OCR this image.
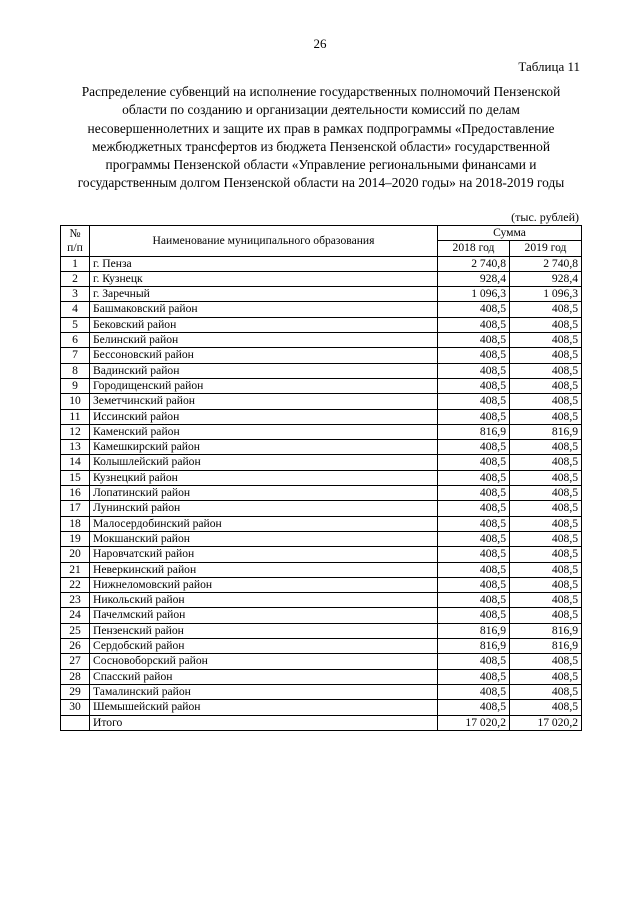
26
Таблица 11
Распределение субвенций на исполнение государственных полномочий Пензенской области по созданию и организации деятельности комиссий по делам несовершеннолетних и защите их прав в рамках подпрограммы «Предоставление межбюджетных трансфертов из бюджета Пензенской области» государственной программы Пензенской области «Управление региональными финансами и государственным долгом Пензенской области на 2014–2020 годы» на 2018-2019 годы
(тыс. рублей)
№
п/п	Наименование муниципального образования	Сумма	
		2018 год	2019 год
1	г. Пенза	2 740,8	2 740,8
2	г. Кузнецк	928,4	928,4
3	г. Заречный	1 096,3	1 096,3
4	Башмаковский район	408,5	408,5
5	Бековский район	408,5	408,5
6	Белинский район	408,5	408,5
7	Бессоновский район	408,5	408,5
8	Вадинский район	408,5	408,5
9	Городищенский район	408,5	408,5
10	Земетчинский район	408,5	408,5
11	Иссинский район	408,5	408,5
12	Каменский район	816,9	816,9
13	Камешкирский район	408,5	408,5
14	Колышлейский район	408,5	408,5
15	Кузнецкий район	408,5	408,5
16	Лопатинский район	408,5	408,5
17	Лунинский район	408,5	408,5
18	Малосердобинский район	408,5	408,5
19	Мокшанский район	408,5	408,5
20	Наровчатский район	408,5	408,5
21	Неверкинский район	408,5	408,5
22	Нижнеломовский район	408,5	408,5
23	Никольский район	408,5	408,5
24	Пачелмский район	408,5	408,5
25	Пензенский район	816,9	816,9
26	Сердобский район	816,9	816,9
27	Сосновоборский район	408,5	408,5
28	Спасский район	408,5	408,5
29	Тамалинский район	408,5	408,5
30	Шемышейский район	408,5	408,5
	Итого	17 020,2	17 020,2
